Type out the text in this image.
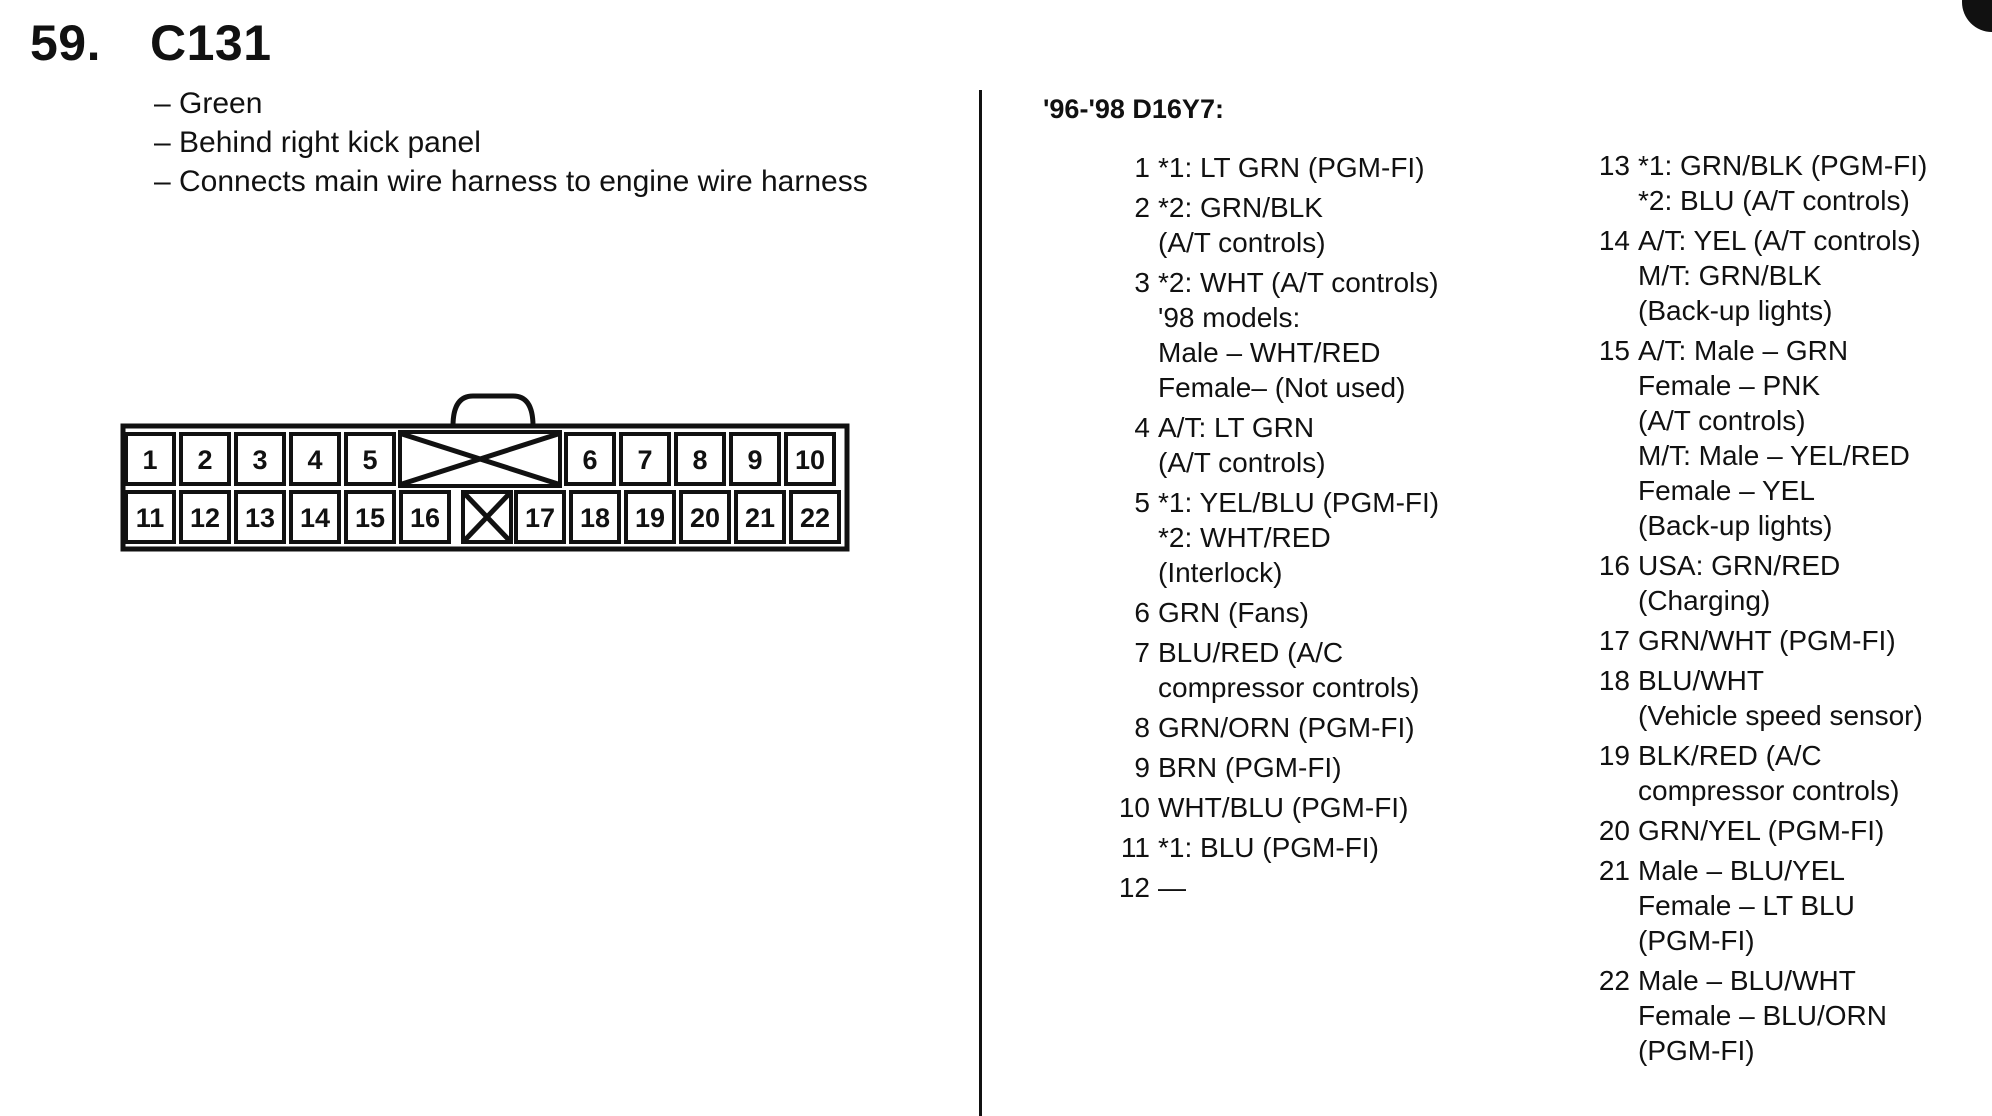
59. C131
– Green
– Behind right kick panel
– Connects main wire harness to engine wire harness
1 2 3 4 5	6 7 8 9 10
11 12 13 14 15 16	17 18 19 20 21 22
'96-'98 D16Y7:
1 *1: LT GRN (PGM-FI)
2 *2: GRN/BLK
(A/T controls)
3 *2: WHT (A/T controls)
'98 models:
Male – WHT/RED
Female– (Not used)
4 A/T: LT GRN
(A/T controls)
5 *1: YEL/BLU (PGM-FI)
*2: WHT/RED
(Interlock)
6 GRN (Fans)
7 BLU/RED (A/C
compressor controls)
8 GRN/ORN (PGM-FI)
9 BRN (PGM-FI)
10 WHT/BLU (PGM-FI)
11 *1: BLU (PGM-FI)
12 —
13 *1: GRN/BLK (PGM-FI)
*2: BLU (A/T controls)
14 A/T: YEL (A/T controls)
M/T: GRN/BLK
(Back-up lights)
15 A/T: Male – GRN
Female – PNK
(A/T controls)
M/T: Male – YEL/RED
Female – YEL
(Back-up lights)
16 USA: GRN/RED
(Charging)
17 GRN/WHT (PGM-FI)
18 BLU/WHT
(Vehicle speed sensor)
19 BLK/RED (A/C
compressor controls)
20 GRN/YEL (PGM-FI)
21 Male – BLU/YEL
Female – LT BLU
(PGM-FI)
22 Male – BLU/WHT
Female – BLU/ORN
(PGM-FI)
